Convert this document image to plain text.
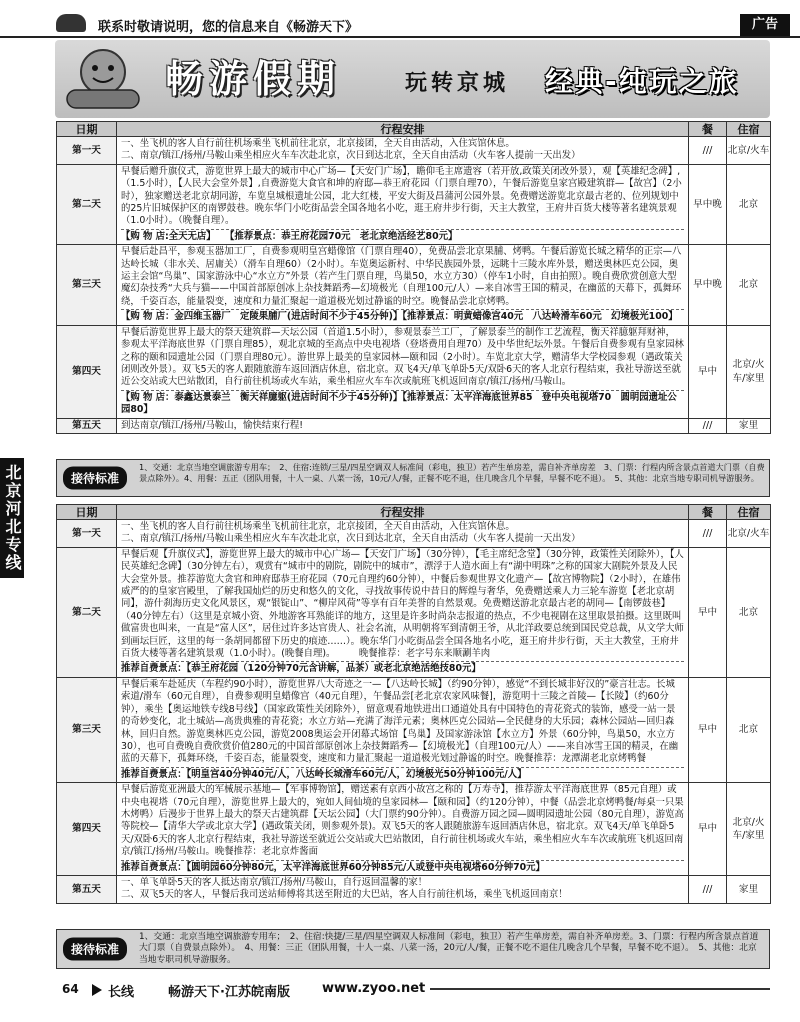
联系时敬请说明，您的信息来自《畅游天下》	广告
畅游假期	玩转京城 经典-纯玩之旅
北京河北专线
日期	行程安排	餐	住宿
第一天	一、坐飞机的客人自行前往机场乘坐飞机前往北京，北京接团，全天自由活动，入住宾馆休息。
二、南京/镇江/扬州/马鞍山乘坐相应火车车次赴北京，次日到达北京，全天自由活动（火车客人提前一天出发）	///	北京/火车
第二天	早餐后赠升旗仪式，游览世界上最大的城市中心广场—【天安门广场】，瞻仰毛主席遗容（若开放,政策关闭改外景），观【英雄纪念碑】,（1.5小时），【人民大会堂外景】,自费游览大食官和坤的府邸—恭王府花园（门票自理70），午餐后游览皇家宫殿建筑群—【故宫】（2小时），独家赠送老北京胡同游，车览皇城根遗址公园，北大红楼，平安大街及昌蒲河公园外景。免费赠送游览北京最古老的、位列规划中的25片旧城保护区的南锣鼓巷。晚东华门小吃街品尝全国各地名小吃，逛王府井步行街，天主大教堂，王府井百货大楼等著名建筑景观（1.0小时）。（晚餐自理）。
【购 物 店:全天无店】　　【推荐景点：恭王府花园70元　老北京绝活经艺80元】	早中晚	北京
第三天	早餐后赴昌平，参观玉器加工厂，自费参观明皇宫蜡像馆（门票自理40），免费品尝北京果脯、烤鸭。午餐后游览长城之精华的正宗—八达岭长城（非水关、居庸关）（滑车自理60）（2小时）。车览奥运新村、中华民族园外景，远眺十三陵水库外景，赠送奥林匹克公园，奥运主会馆“鸟巢”、国家游泳中心“水立方”外景（若产生门票自理，鸟巢50，水立方30）（停车1小时，自由拍照）。晚自费欣赏创意大型魔幻杂技秀“大兵与猫——中国首部原创冰上杂技舞蹈秀—幻境极光（自理100元/人）—来自冰雪王国的精灵，在幽蓝的天幕下，孤舞环绕，千姿百态，能量裂变，速度和力量汇聚起一道道极光划过静谧的时空。晚餐品尝北京烤鸭。
【购 物 店：金四维玉器厂　定陵果脯厂(进店时间不少于45分钟)】【推荐景点：明黄蜡像宫40元　八达岭滑车60元　幻境极光100】	早中晚	北京
第四天	早餐后游览世界上最大的祭天建筑群—天坛公园（首道1.5小时），参观景泰兰工厂，了解景泰兰的制作工艺流程，衡天祥臆躯拜财神，参观太平洋海底世界（门票自理85），观北京城的至高点中央电视塔（登塔费用自理70）及中华世纪坛外景。午餐后自费参观有皇家园林之称的颐和园遗址公园（门票自理80元）。游世界上最美的皇家园林—颐和园（2小时）。车览北京大学，赠清华大学校园参观（遇政策关闭则改外景）。双飞5天的客人跟随旅游车返回酒店休息，宿北京。双飞4天/单飞单卧5天/双卧6天的客人北京行程结束，我社导游送至就近公交站或大巴站散团，自行前往机场或火车站，乘坐相应火车车次或航班飞机返回南京/镇江/扬州/马鞍山。
【购 物 店：泰鑫达景泰兰　衡天祥臆躯(进店时间不少于45分钟)】【推荐景点：太平洋海底世界85　登中央电视塔70　圆明园遗址公园80】	早中	北京/火车/家里
第五天	到达南京/镇江/扬州/马鞍山，愉快结束行程!	///	家里
接待标准
1、交通：北京当地空调旅游专用车；　2、住宿:连锁/三星/四星空调双人标准间（彩电，独卫）若产生单房差，需自补齐单房差　3、门票：行程内所含景点首道大门票（自费景点除外）。4、用餐：五正（团队用餐，十人一桌、八菜一汤，10元/人/餐，正餐不吃不退，住几晚含几个早餐，早餐不吃不退）。　5、其他：北京当地专职司机导游服务。
日期	行程安排	餐	住宿
第一天	一、坐飞机的客人自行前往机场乘坐飞机前往北京，北京接团，全天自由活动，入住宾馆休息。
二、南京/镇江/扬州/马鞍山乘坐相应火车车次赴北京，次日到达北京，全天自由活动（火车客人提前一天出发）	///	北京/火车
第二天	早餐后观【升旗仪式】，游览世界上最大的城市中心广场—【天安门广场】（30分钟），【毛主席纪念堂】（30分钟，政策性关闭除外），【人民英雄纪念碑】（30分钟左右），观赏有“城市中的剧院，剧院中的城市”，漂浮于人造水面上有“湖中明珠”之称的国家大剧院外景及人民大会堂外景。推荐游览大贪官和珅府邸恭王府花园（70元自理约60分钟），中餐后参观世界文化遗产—【故宫博物院】（2小时），在雄伟威严的的皇家宫殿里，了解我国灿烂的历史和悠久的文化，寻找故事传说中昔日的辉煌与奢华，免费赠送乘人力三轮车游览【老北京胡同】，游什刹海历史文化风景区，观“银锭山”、“柳岸风荷”等享有百年美誉的自然景观。免费赠送游北京最古老的胡同—【南锣鼓巷】（40分钟左右）（这里是京城小资、外地游客耳熟能详的地方，这里是许多时尚杂志报道的热点，不少电视剧在这里取景拍摄。这里既叫做富贵也叫来，一直是“富人区”，居住过许多达官贵人、社会名流，从明朝将军到清朝王爷，从北洋政要总统到国民党总裁，从文学大师到画坛巨匠，这里的每一条胡同都留下历史的痕迹……）。晚东华门小吃街品尝全国各地名小吃，逛王府井步行街，天主大教堂，王府井百货大楼等著名建筑景观（1.0小时）。(晚餐自理)。　　　晚餐推荐：老字号东来顺涮羊肉
推荐自费景点：【恭王府花园（120分钟70元含讲解，品茶）或老北京绝活绝技80元】	早中	北京
第三天	早餐后乘车赴延庆（车程约90小时），游览世界八大奇迹之一—【八达岭长城】（约90分钟），感觉“不到长城非好汉的”豪言壮志。长城索道/滑车（60元自理），自费参观明皇蜡像宫（40元自理），午餐品尝[老北京农家风味餐]，游览明十三陵之首陵—【长陵】（约60分钟），乘坐【奥运地铁专线8号线】（国家政策性关闭除外），留意观看地铁进出口通道处具有中国特色的青花瓷式的装饰，感受一站一景的奇妙变化，北土城站—高贵典雅的青花瓷；水立方站—充满了海洋元素；奥林匹克公园站—全民健身的大乐园；森林公园站—回归森林，回归自然。游览奥林匹克公园，游览2008奥运会开闭幕式场馆【鸟巢】及国家游泳馆【水立方】外景（60分钟，鸟巢50，水立方30），也可自费晚自费欣赏价值280元的中国首部原创冰上杂技舞蹈秀—【幻境极光】（自理100元/人）——来自冰雪王国的精灵，在幽蓝的天幕下，孤舞环绕，千姿百态，能量裂变，速度和力量汇聚起一道道极光划过静谧的时空。晚餐推荐：龙潭湖老北京烤鸭餐
推荐自费景点：【明皇宫40分钟40元/人，八达岭长城滑车60元/人，幻境极光50分钟100元/人】	早中	北京
第四天	早餐后游览亚洲最大的军械展示基地—【军事博物馆】，赠送素有京西小故宫之称的【万寿寺】，推荐游太平洋海底世界（85元自理）或中央电视塔（70元自理），游览世界上最大的，宛如人间仙境的皇家园林—【颐和园】（约120分钟），中餐（品尝北京烤鸭餐/每桌一只果木烤鸭）后漫步于世界上最大的祭天古建筑群【天坛公园】（大门票约90分钟）。自费游万园之园—圆明园遗址公园（80元自理），游览高等院校—【清华大学或北京大学】(遇政策关闭，则参观外景)。双飞5天的客人跟随旅游车返回酒店休息，宿北京。双飞4天/单飞单卧5天/双卧6天的客人北京行程结束，我社导游送至就近公交站或大巴站散团，自行前往机场或火车站，乘坐相应火车车次或航班飞机返回南京/镇江/扬州/马鞍山。晚餐推荐：老北京炸酱面
推荐自费景点：【圆明园60分钟80元，太平洋海底世界60分钟85元/人或登中央电视塔60分钟70元】	早中	北京/火车/家里
第五天	一、单飞单卧5天的客人抵达南京/镇江/扬州/马鞍山，自行返回温馨的家！
二、双飞5天的客人，早餐后我司送站师傅将其送至附近的大巴站，客人自行前往机场，乘坐飞机返回南京！	///	家里
接待标准
1、交通：北京当地空调旅游专用车；　2、住宿:快捷/三星/四星空调双人标准间（彩电，独卫）若产生单房差，需自补齐单房差。3、门票：行程内所含景点首道大门票（自费景点除外）。　4、用餐：三正（团队用餐，十人一桌、八菜一汤，20元/人/餐，正餐不吃不退住几晚含几个早餐，早餐不吃不退）。　5、其他：北京当地专职司机导游服务。
64 长线	畅游天下·江苏皖南版 www.zyoo.net
